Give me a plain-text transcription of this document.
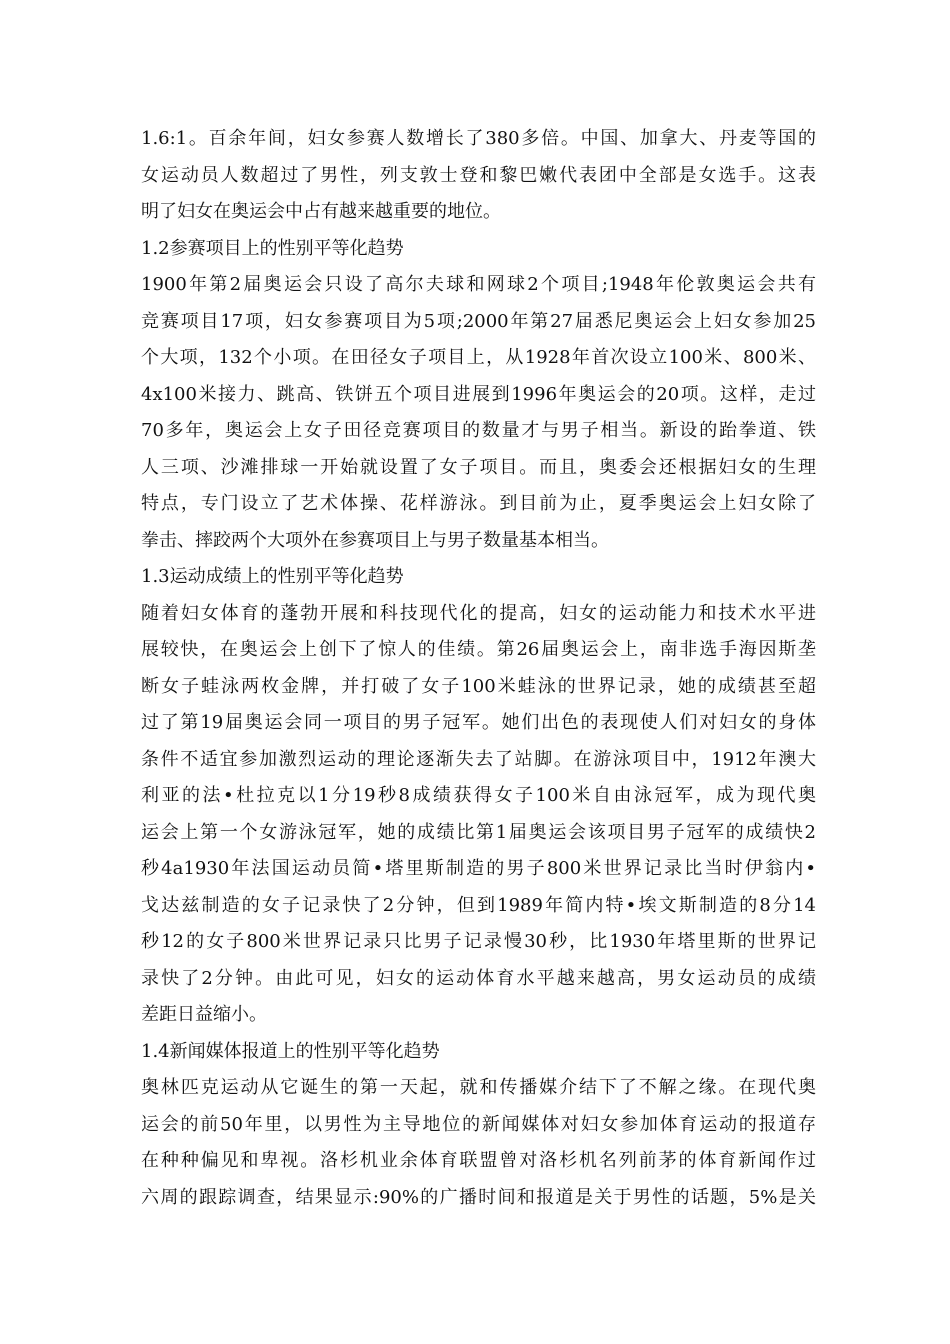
1.6:1。百余年间，妇女参赛人数增长了380多倍。中国、加拿大、丹麦等国的
女运动员人数超过了男性，列支敦士登和黎巴嫩代表团中全部是女选手。这表
明了妇女在奥运会中占有越来越重要的地位。
1.2参赛项目上的性别平等化趋势
1900年第2届奥运会只设了高尔夫球和网球2个项目;1948年伦敦奥运会共有
竞赛项目17项，妇女参赛项目为5项;2000年第27届悉尼奥运会上妇女参加25
个大项，132个小项。在田径女子项目上，从1928年首次设立100米、800米、
4x100米接力、跳高、铁饼五个项目进展到1996年奥运会的20项。这样，走过
70多年，奥运会上女子田径竞赛项目的数量才与男子相当。新设的跆拳道、铁
人三项、沙滩排球一开始就设置了女子项目。而且，奥委会还根据妇女的生理
特点，专门设立了艺术体操、花样游泳。到目前为止，夏季奥运会上妇女除了
拳击、摔跤两个大项外在参赛项目上与男子数量基本相当。
1.3运动成绩上的性别平等化趋势
随着妇女体育的蓬勃开展和科技现代化的提高，妇女的运动能力和技术水平进
展较快，在奥运会上创下了惊人的佳绩。第26届奥运会上，南非选手海因斯垄
断女子蛙泳两枚金牌，并打破了女子100米蛙泳的世界记录，她的成绩甚至超
过了第19届奥运会同一项目的男子冠军。她们出色的表现使人们对妇女的身体
条件不适宜参加激烈运动的理论逐渐失去了站脚。在游泳项目中，1912年澳大
利亚的法•杜拉克以1分19秒8成绩获得女子100米自由泳冠军，成为现代奥
运会上第一个女游泳冠军，她的成绩比第1届奥运会该项目男子冠军的成绩快2
秒4a1930年法国运动员简•塔里斯制造的男子800米世界记录比当时伊翁内•
戈达兹制造的女子记录快了2分钟，但到1989年简内特•埃文斯制造的8分14
秒12的女子800米世界记录只比男子记录慢30秒，比1930年塔里斯的世界记
录快了2分钟。由此可见，妇女的运动体育水平越来越高，男女运动员的成绩
差距日益缩小。
1.4新闻媒体报道上的性别平等化趋势
奥林匹克运动从它诞生的第一天起，就和传播媒介结下了不解之缘。在现代奥
运会的前50年里，以男性为主导地位的新闻媒体对妇女参加体育运动的报道存
在种种偏见和卑视。洛杉机业余体育联盟曾对洛杉机名列前茅的体育新闻作过
六周的跟踪调查，结果显示:90%的广播时间和报道是关于男性的话题，5%是关
